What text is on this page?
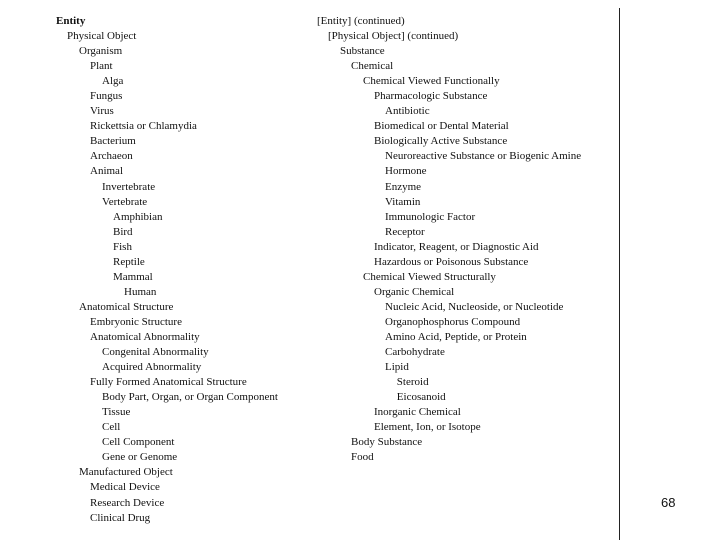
Entity
Physical Object
Organism
Plant
Alga
Fungus
Virus
Rickettsia or Chlamydia
Bacterium
Archaeon
Animal
Invertebrate
Vertebrate
Amphibian
Bird
Fish
Reptile
Mammal
Human
Anatomical Structure
Embryonic Structure
Anatomical Abnormality
Congenital Abnormality
Acquired Abnormality
Fully Formed Anatomical Structure
Body Part, Organ, or Organ Component
Tissue
Cell
Cell Component
Gene or Genome
Manufactured Object
Medical Device
Research Device
Clinical Drug
[Entity] (continued)
[Physical Object] (continued)
Substance
Chemical
Chemical Viewed Functionally
Pharmacologic Substance
Antibiotic
Biomedical or Dental Material
Biologically Active Substance
Neuroreactive Substance or Biogenic Amine
Hormone
Enzyme
Vitamin
Immunologic Factor
Receptor
Indicator, Reagent, or Diagnostic Aid
Hazardous or Poisonous Substance
Chemical Viewed Structurally
Organic Chemical
Nucleic Acid, Nucleoside, or Nucleotide
Organophosphorus Compound
Amino Acid, Peptide, or Protein
Carbohydrate
Lipid
Steroid
Eicosanoid
Inorganic Chemical
Element, Ion, or Isotope
Body Substance
Food
68
